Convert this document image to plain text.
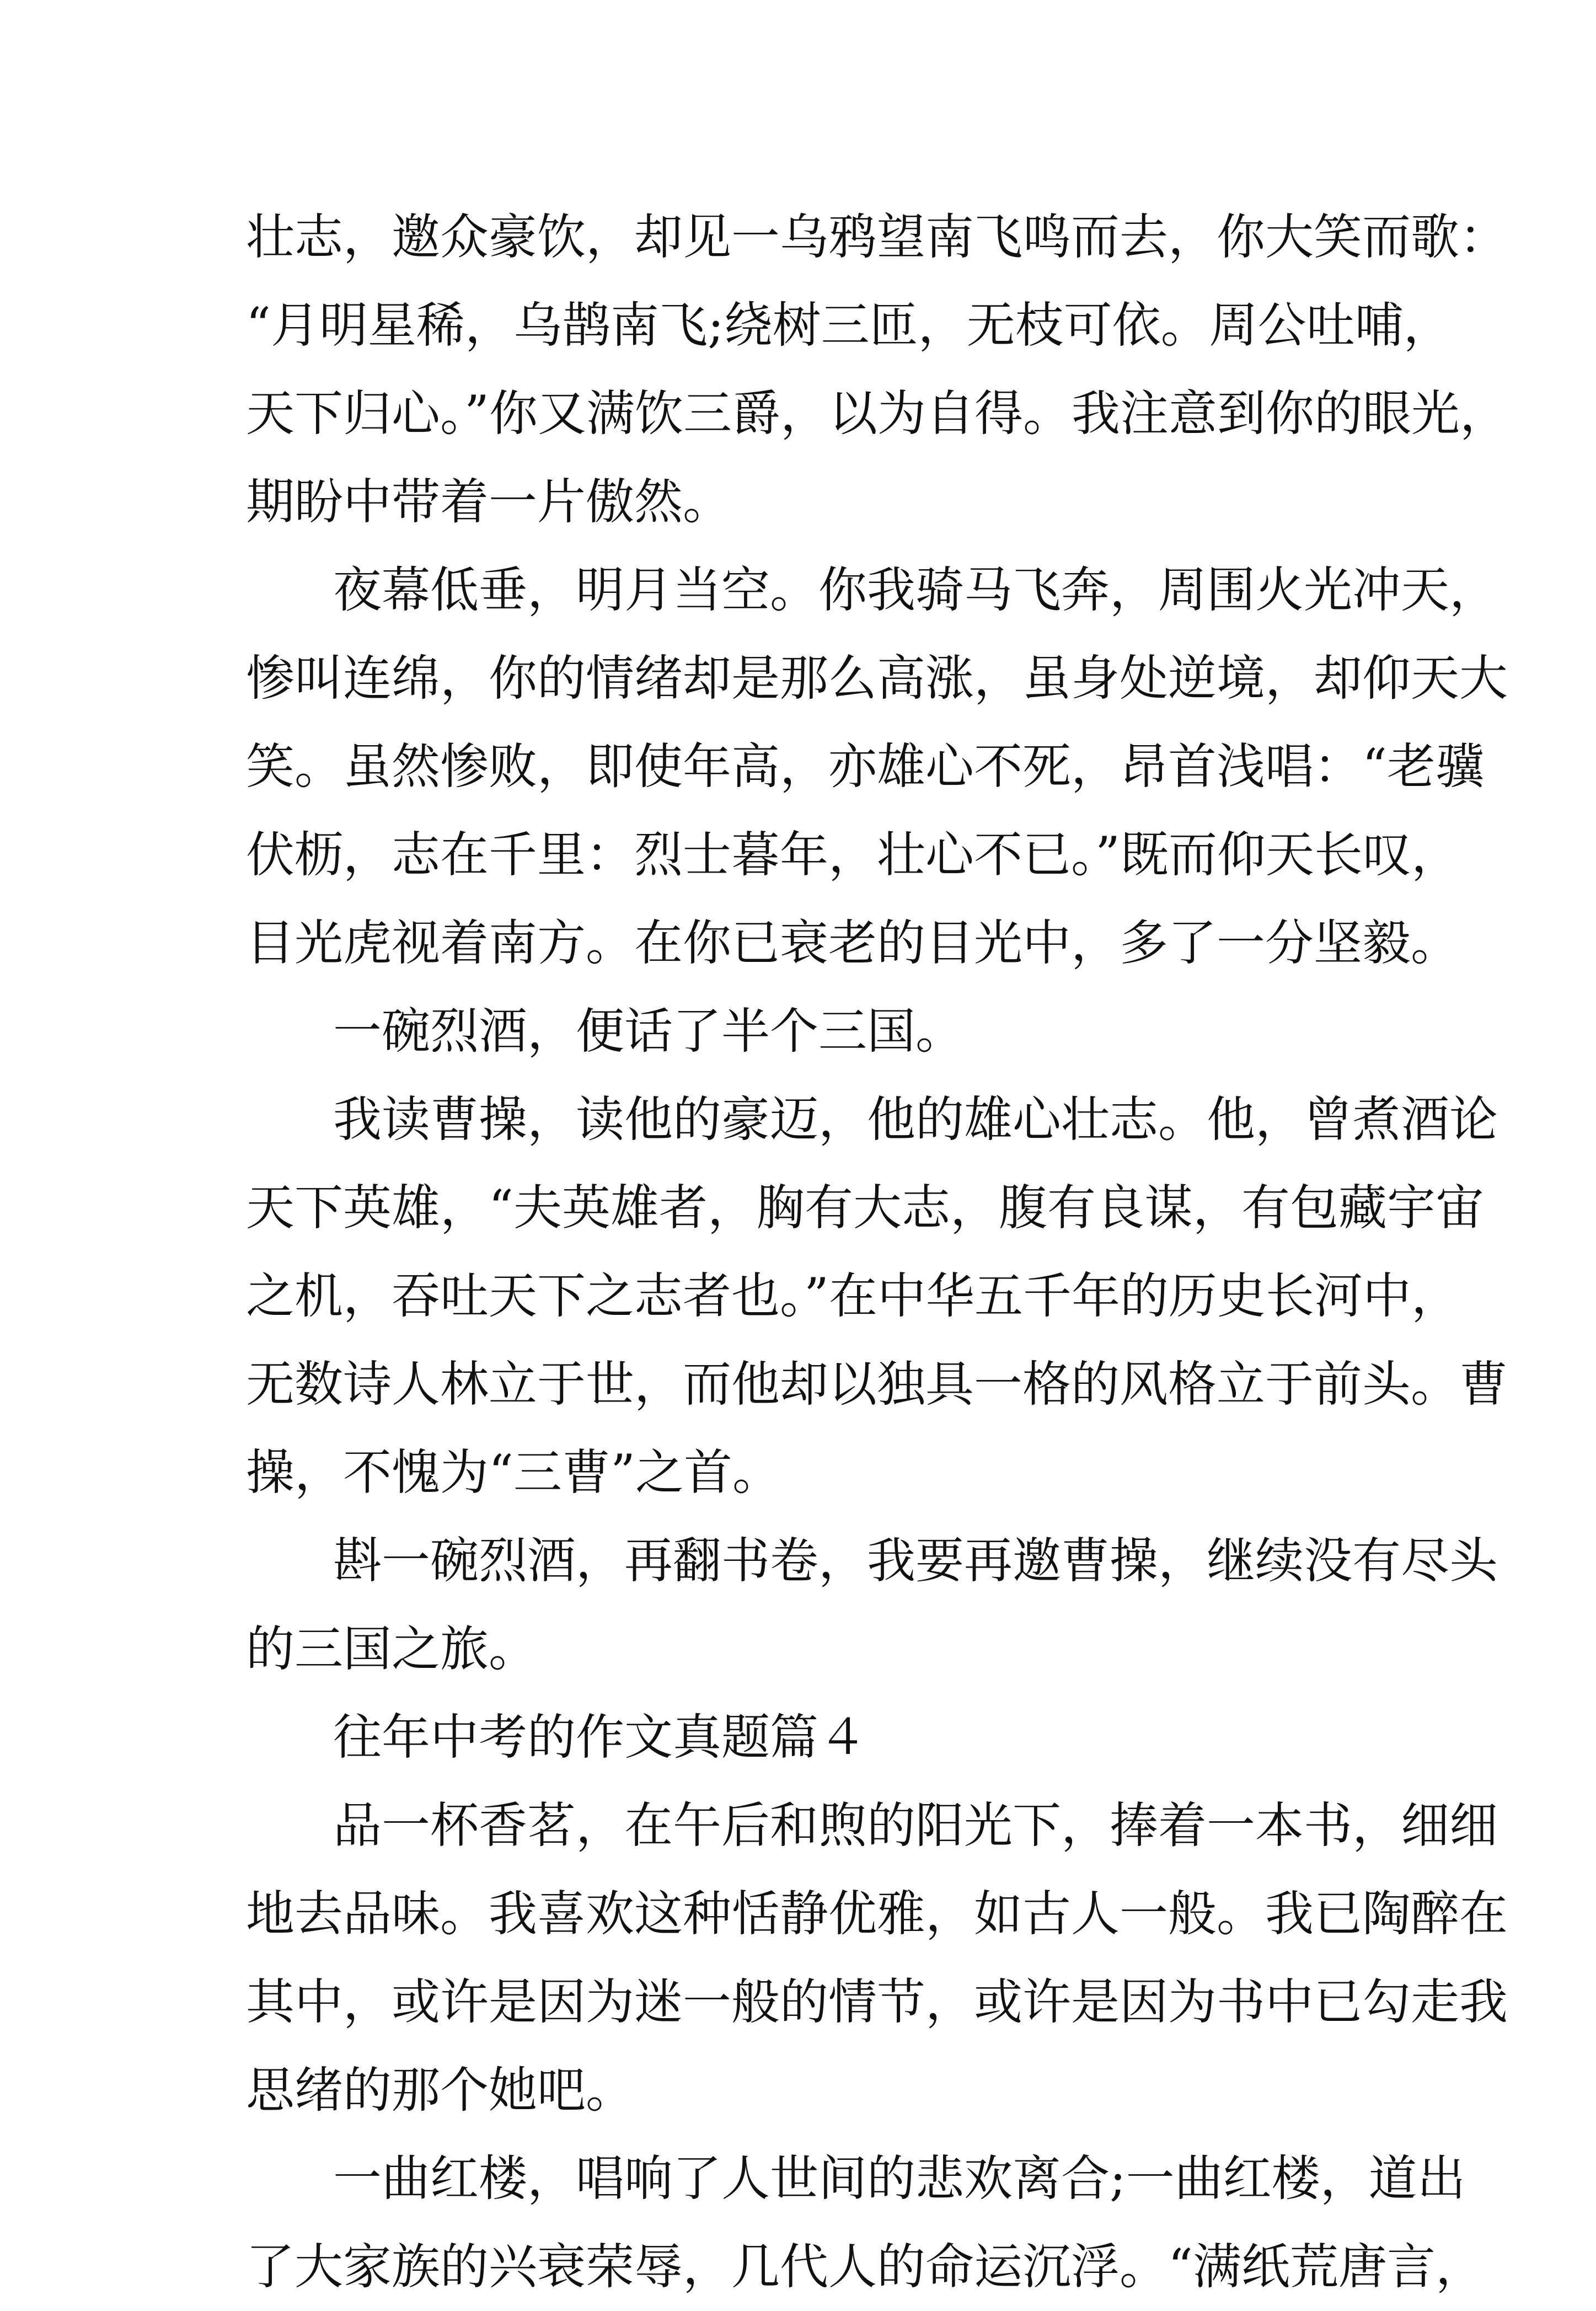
壮志，邀众豪饮，却见一乌鸦望南飞鸣而去，你大笑而歌：
“月明星稀，乌鹊南飞;绕树三匝，无枝可依。周公吐哺，
天下归心。”你又满饮三爵，以为自得。我注意到你的眼光，
期盼中带着一片傲然。
夜幕低垂，明月当空。你我骑马飞奔，周围火光冲天，
惨叫连绵，你的情绪却是那么高涨，虽身处逆境，却仰天大
笑。虽然惨败，即使年高，亦雄心不死，昂首浅唱：“老骥
伏枥，志在千里：烈士暮年，壮心不已。”既而仰天长叹，
目光虎视着南方。在你已衰老的目光中，多了一分坚毅。
一碗烈酒，便话了半个三国。
我读曹操，读他的豪迈，他的雄心壮志。他，曾煮酒论
天下英雄，“夫英雄者，胸有大志，腹有良谋，有包藏宇宙
之机，吞吐天下之志者也。”在中华五千年的历史长河中，
无数诗人林立于世，而他却以独具一格的风格立于前头。曹
操，不愧为“三曹”之首。
斟一碗烈酒，再翻书卷，我要再邀曹操，继续没有尽头
的三国之旅。
往年中考的作文真题篇４
品一杯香茗，在午后和煦的阳光下，捧着一本书，细细
地去品味。我喜欢这种恬静优雅，如古人一般。我已陶醉在
其中，或许是因为迷一般的情节，或许是因为书中已勾走我
思绪的那个她吧。
一曲红楼，唱响了人世间的悲欢离合;一曲红楼，道出
了大家族的兴衰荣辱，几代人的命运沉浮。“满纸荒唐言，
